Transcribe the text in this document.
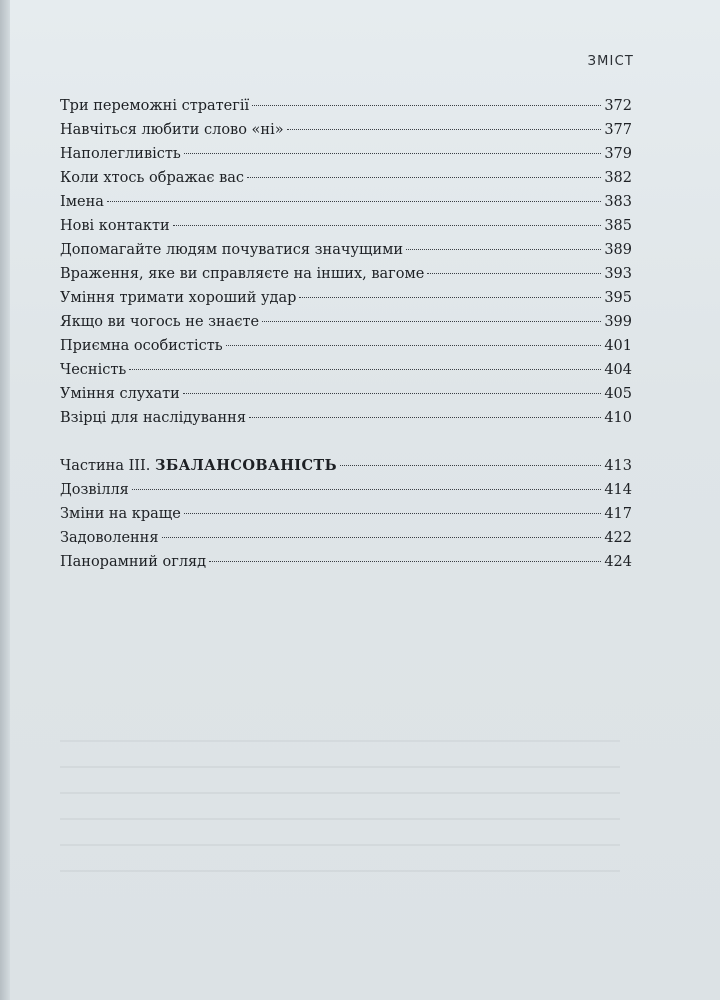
ЗМІСТ
Три переможні стратегії	372
Навчіться любити слово «ні»	377
Наполегливість	379
Коли хтось ображає вас	382
Імена	383
Нові контакти	385
Допомагайте людям почуватися значущими	389
Враження, яке ви справляєте на інших, вагоме	393
Уміння тримати хороший удар	395
Якщо ви чогось не знаєте	399
Приємна особистість	401
Чесність	404
Уміння слухати	405
Взірці для наслідування	410
Частина ІІІ. ЗБАЛАНСОВАНІСТЬ	413
Дозвілля	414
Зміни на краще	417
Задоволення	422
Панорамний огляд	424
